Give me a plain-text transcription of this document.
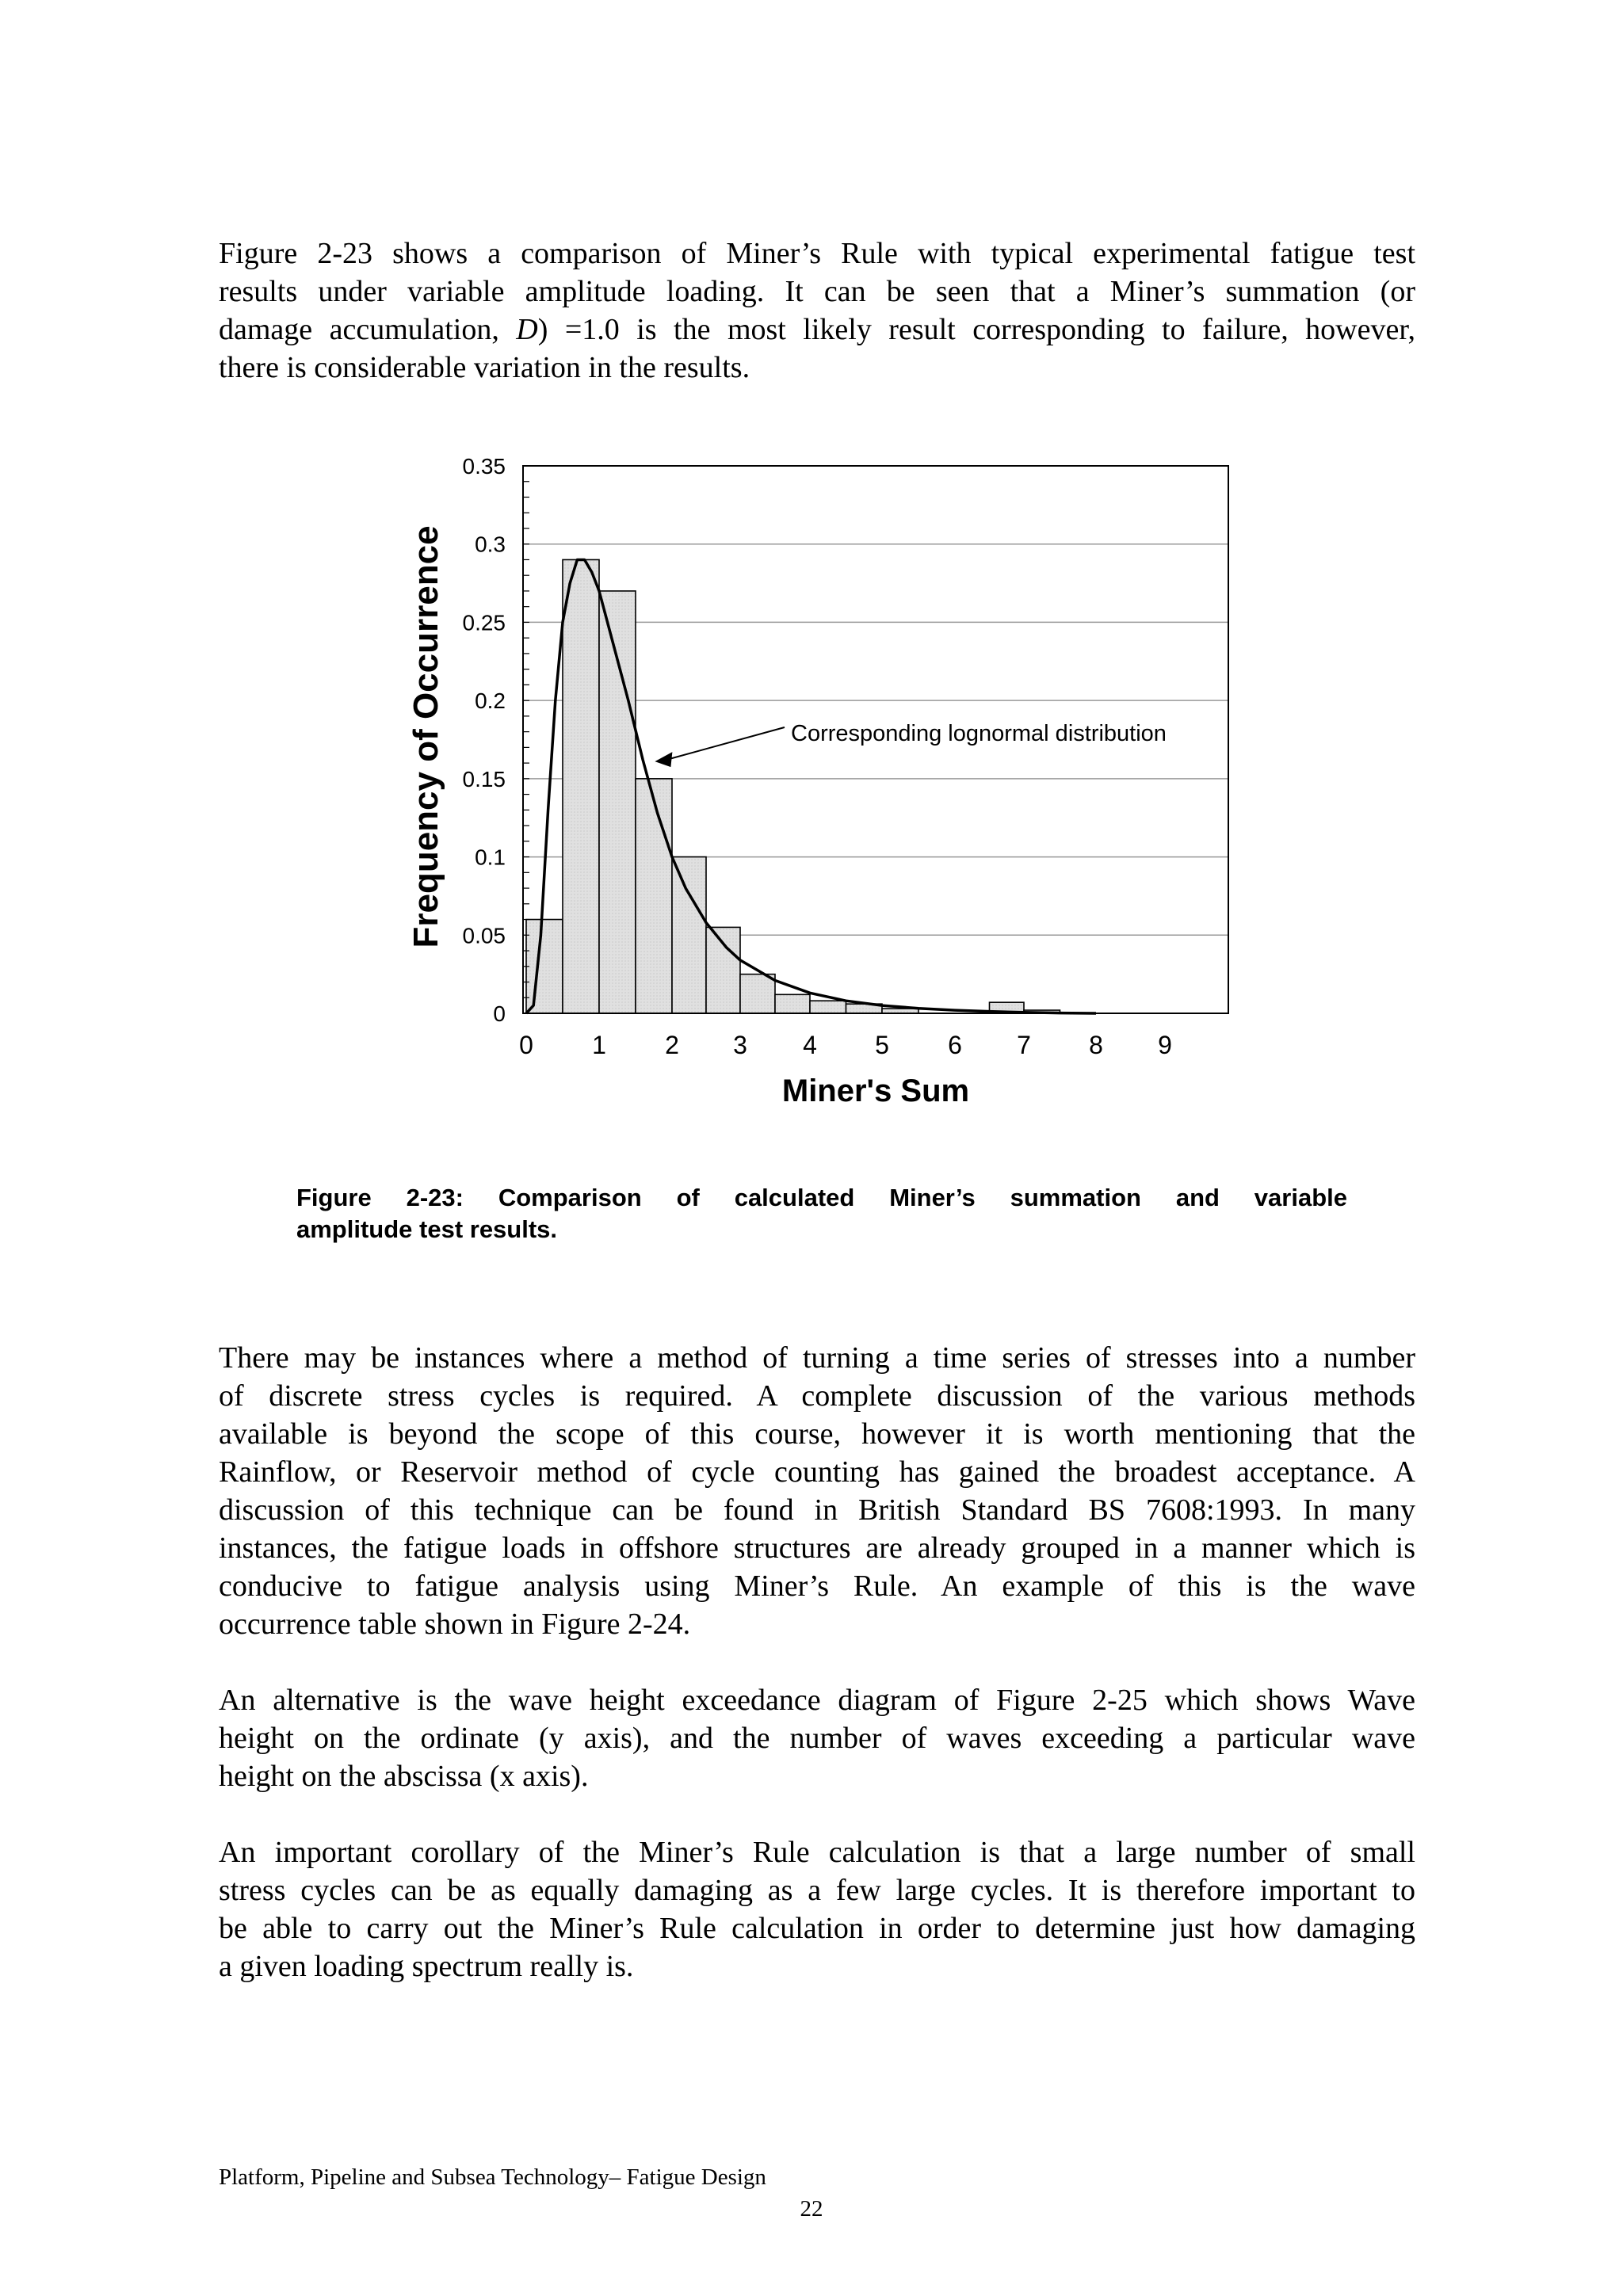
Figure 2-23 shows a comparison of Miner’s Rule with typical experimental fatigue test
results under variable amplitude loading. It can be seen that a Miner’s summation (or
damage accumulation, D) =1.0 is the most likely result corresponding to failure, however,
there is considerable variation in the results.
0
0.05
0.1
0.15
0.2
0.25
0.3
0.35
0 1 2 3 4 5 6 7 8 9
Frequency of Occurrence
Miner's Sum
Corresponding lognormal distribution
Figure 2-23: Comparison of calculated Miner’s summation and variable
amplitude test results.
There may be instances where a method of turning a time series of stresses into a number
of discrete stress cycles is required. A complete discussion of the various methods
available is beyond the scope of this course, however it is worth mentioning that the
Rainflow, or Reservoir method of cycle counting has gained the broadest acceptance. A
discussion of this technique can be found in British Standard BS 7608:1993. In many
instances, the fatigue loads in offshore structures are already grouped in a manner which is
conducive to fatigue analysis using Miner’s Rule. An example of this is the wave
occurrence table shown in Figure 2-24.
An alternative is the wave height exceedance diagram of Figure 2-25 which shows Wave
height on the ordinate (y axis), and the number of waves exceeding a particular wave
height on the abscissa (x axis).
An important corollary of the Miner’s Rule calculation is that a large number of small
stress cycles can be as equally damaging as a few large cycles. It is therefore important to
be able to carry out the Miner’s Rule calculation in order to determine just how damaging
a given loading spectrum really is.
Platform, Pipeline and Subsea Technology– Fatigue Design
22
